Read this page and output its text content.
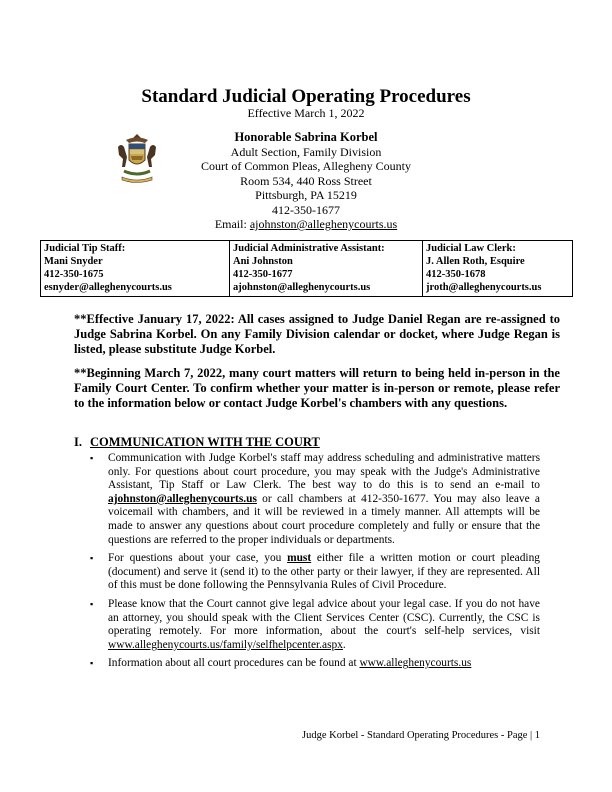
Standard Judicial Operating Procedures
Effective March 1, 2022
Honorable Sabrina Korbel
Adult Section, Family Division
Court of Common Pleas, Allegheny County
Room 534, 440 Ross Street
Pittsburgh, PA 15219
412-350-1677
Email: ajohnston@alleghenycourts.us
Judicial Tip Staff:
Mani Snyder
412-350-1675
esnyder@alleghenycourts.us

Judicial Administrative Assistant:
Ani Johnston
412-350-1677
ajohnston@alleghenycourts.us

Judicial Law Clerk:
J. Allen Roth, Esquire
412-350-1678
jroth@alleghenycourts.us
**Effective January 17, 2022: All cases assigned to Judge Daniel Regan are re-assigned to Judge Sabrina Korbel. On any Family Division calendar or docket, where Judge Regan is listed, please substitute Judge Korbel.
**Beginning March 7, 2022, many court matters will return to being held in-person in the Family Court Center. To confirm whether your matter is in-person or remote, please refer to the information below or contact Judge Korbel's chambers with any questions.
I. COMMUNICATION WITH THE COURT
▪ Communication with Judge Korbel's staff may address scheduling and administrative matters only. For questions about court procedure, you may speak with the Judge's Administrative Assistant, Tip Staff or Law Clerk. The best way to do this is to send an e-mail to ajohnston@alleghenycourts.us or call chambers at 412-350-1677. You may also leave a voicemail with chambers, and it will be reviewed in a timely manner. All attempts will be made to answer any questions about court procedure completely and fully or ensure that the questions are referred to the proper individuals or departments.
▪ For questions about your case, you must either file a written motion or court pleading (document) and serve it (send it) to the other party or their lawyer, if they are represented. All of this must be done following the Pennsylvania Rules of Civil Procedure.
▪ Please know that the Court cannot give legal advice about your legal case. If you do not have an attorney, you should speak with the Client Services Center (CSC). Currently, the CSC is operating remotely. For more information, about the court's self-help services, visit www.alleghenycourts.us/family/selfhelpcenter.aspx.
▪ Information about all court procedures can be found at www.alleghenycourts.us
Judge Korbel - Standard Operating Procedures - Page | 1
